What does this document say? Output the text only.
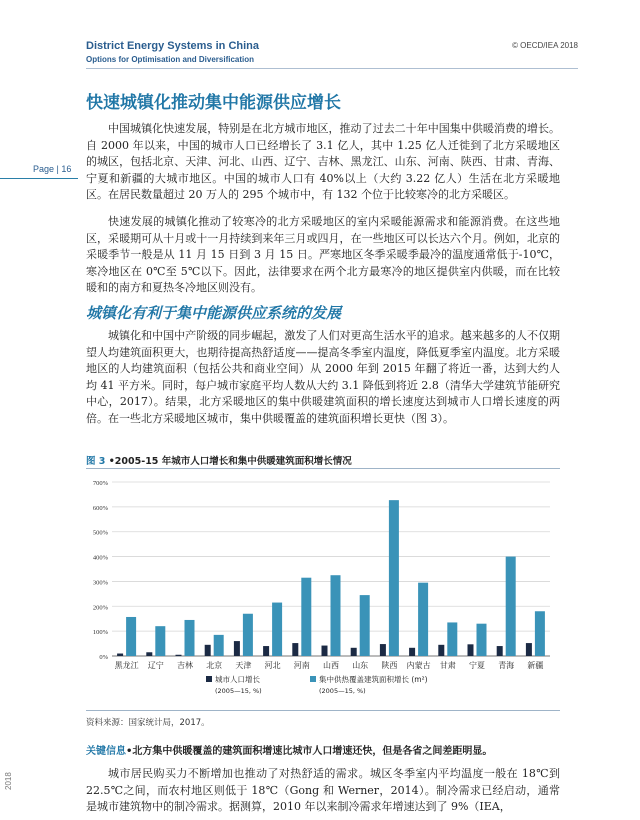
District Energy Systems in China
Options for Optimisation and Diversification
© OECD/IEA 2018
Page | 16
2018
快速城镇化推动集中能源供应增长

中国城镇化快速发展，特别是在北方城市地区，推动了过去二十年中国集中供暖消费的增长。自 2000 年以来，中国的城市人口已经增长了 3.1 亿人，其中 1.25 亿人迁徙到了北方采暖地区的城区，包括北京、天津、河北、山西、辽宁、吉林、黑龙江、山东、河南、陕西、甘肃、青海、宁夏和新疆的大城市地区。中国的城市人口有 40%以上（大约 3.22 亿人）生活在北方采暖地区。在居民数量超过 20 万人的 295 个城市中，有 132 个位于比较寒冷的北方采暖区。

快速发展的城镇化推动了较寒冷的北方采暖地区的室内采暖能源需求和能源消费。在这些地区，采暖期可从十月或十一月持续到来年三月或四月，在一些地区可以长达六个月。例如，北京的采暖季节一般是从 11 月 15 日到 3 月 15 日。严寒地区冬季采暖季最冷的温度通常低于-10℃，寒冷地区在 0℃至 5℃以下。因此，法律要求在两个北方最寒冷的地区提供室内供暖，而在比较暖和的南方和夏热冬冷地区则没有。

城镇化有利于集中能源供应系统的发展

城镇化和中国中产阶级的同步崛起，激发了人们对更高生活水平的追求。越来越多的人不仅期望人均建筑面积更大，也期待提高热舒适度——提高冬季室内温度，降低夏季室内温度。北方采暖地区的人均建筑面积（包括公共和商业空间）从 2000 年到 2015 年翻了将近一番，达到大约人均 41 平方米。同时，每户城市家庭平均人数从大约 3.1 降低到将近 2.8（清华大学建筑节能研究中心，2017）。结果，北方采暖地区的集中供暖建筑面积的增长速度达到城市人口增长速度的两倍。在一些北方采暖地区城市，集中供暖覆盖的建筑面积增长更快（图 3）。

图 3 •2005-15 年城市人口增长和集中供暖建筑面积增长情况
0%
100%
200%
300%
400%
500%
600%
700%
黑龙江 辽宁 吉林 北京 天津 河北 河南 山西 山东 陕西 内蒙古 甘肃 宁夏 青海 新疆
城市人口增长
(2005—15, %)
集中供热覆盖建筑面积增长 (m²)
(2005—15, %)
资料来源：国家统计局，2017。
关键信息•北方集中供暖覆盖的建筑面积增速比城市人口增速还快，但是各省之间差距明显。

城市居民购买力不断增加也推动了对热舒适的需求。城区冬季室内平均温度一般在 18℃到 22.5℃之间，而农村地区则低于 18℃（Gong 和 Werner，2014）。制冷需求已经启动，通常是城市建筑物中的制冷需求。据测算，2010 年以来制冷需求年增速达到了 9%（IEA，
